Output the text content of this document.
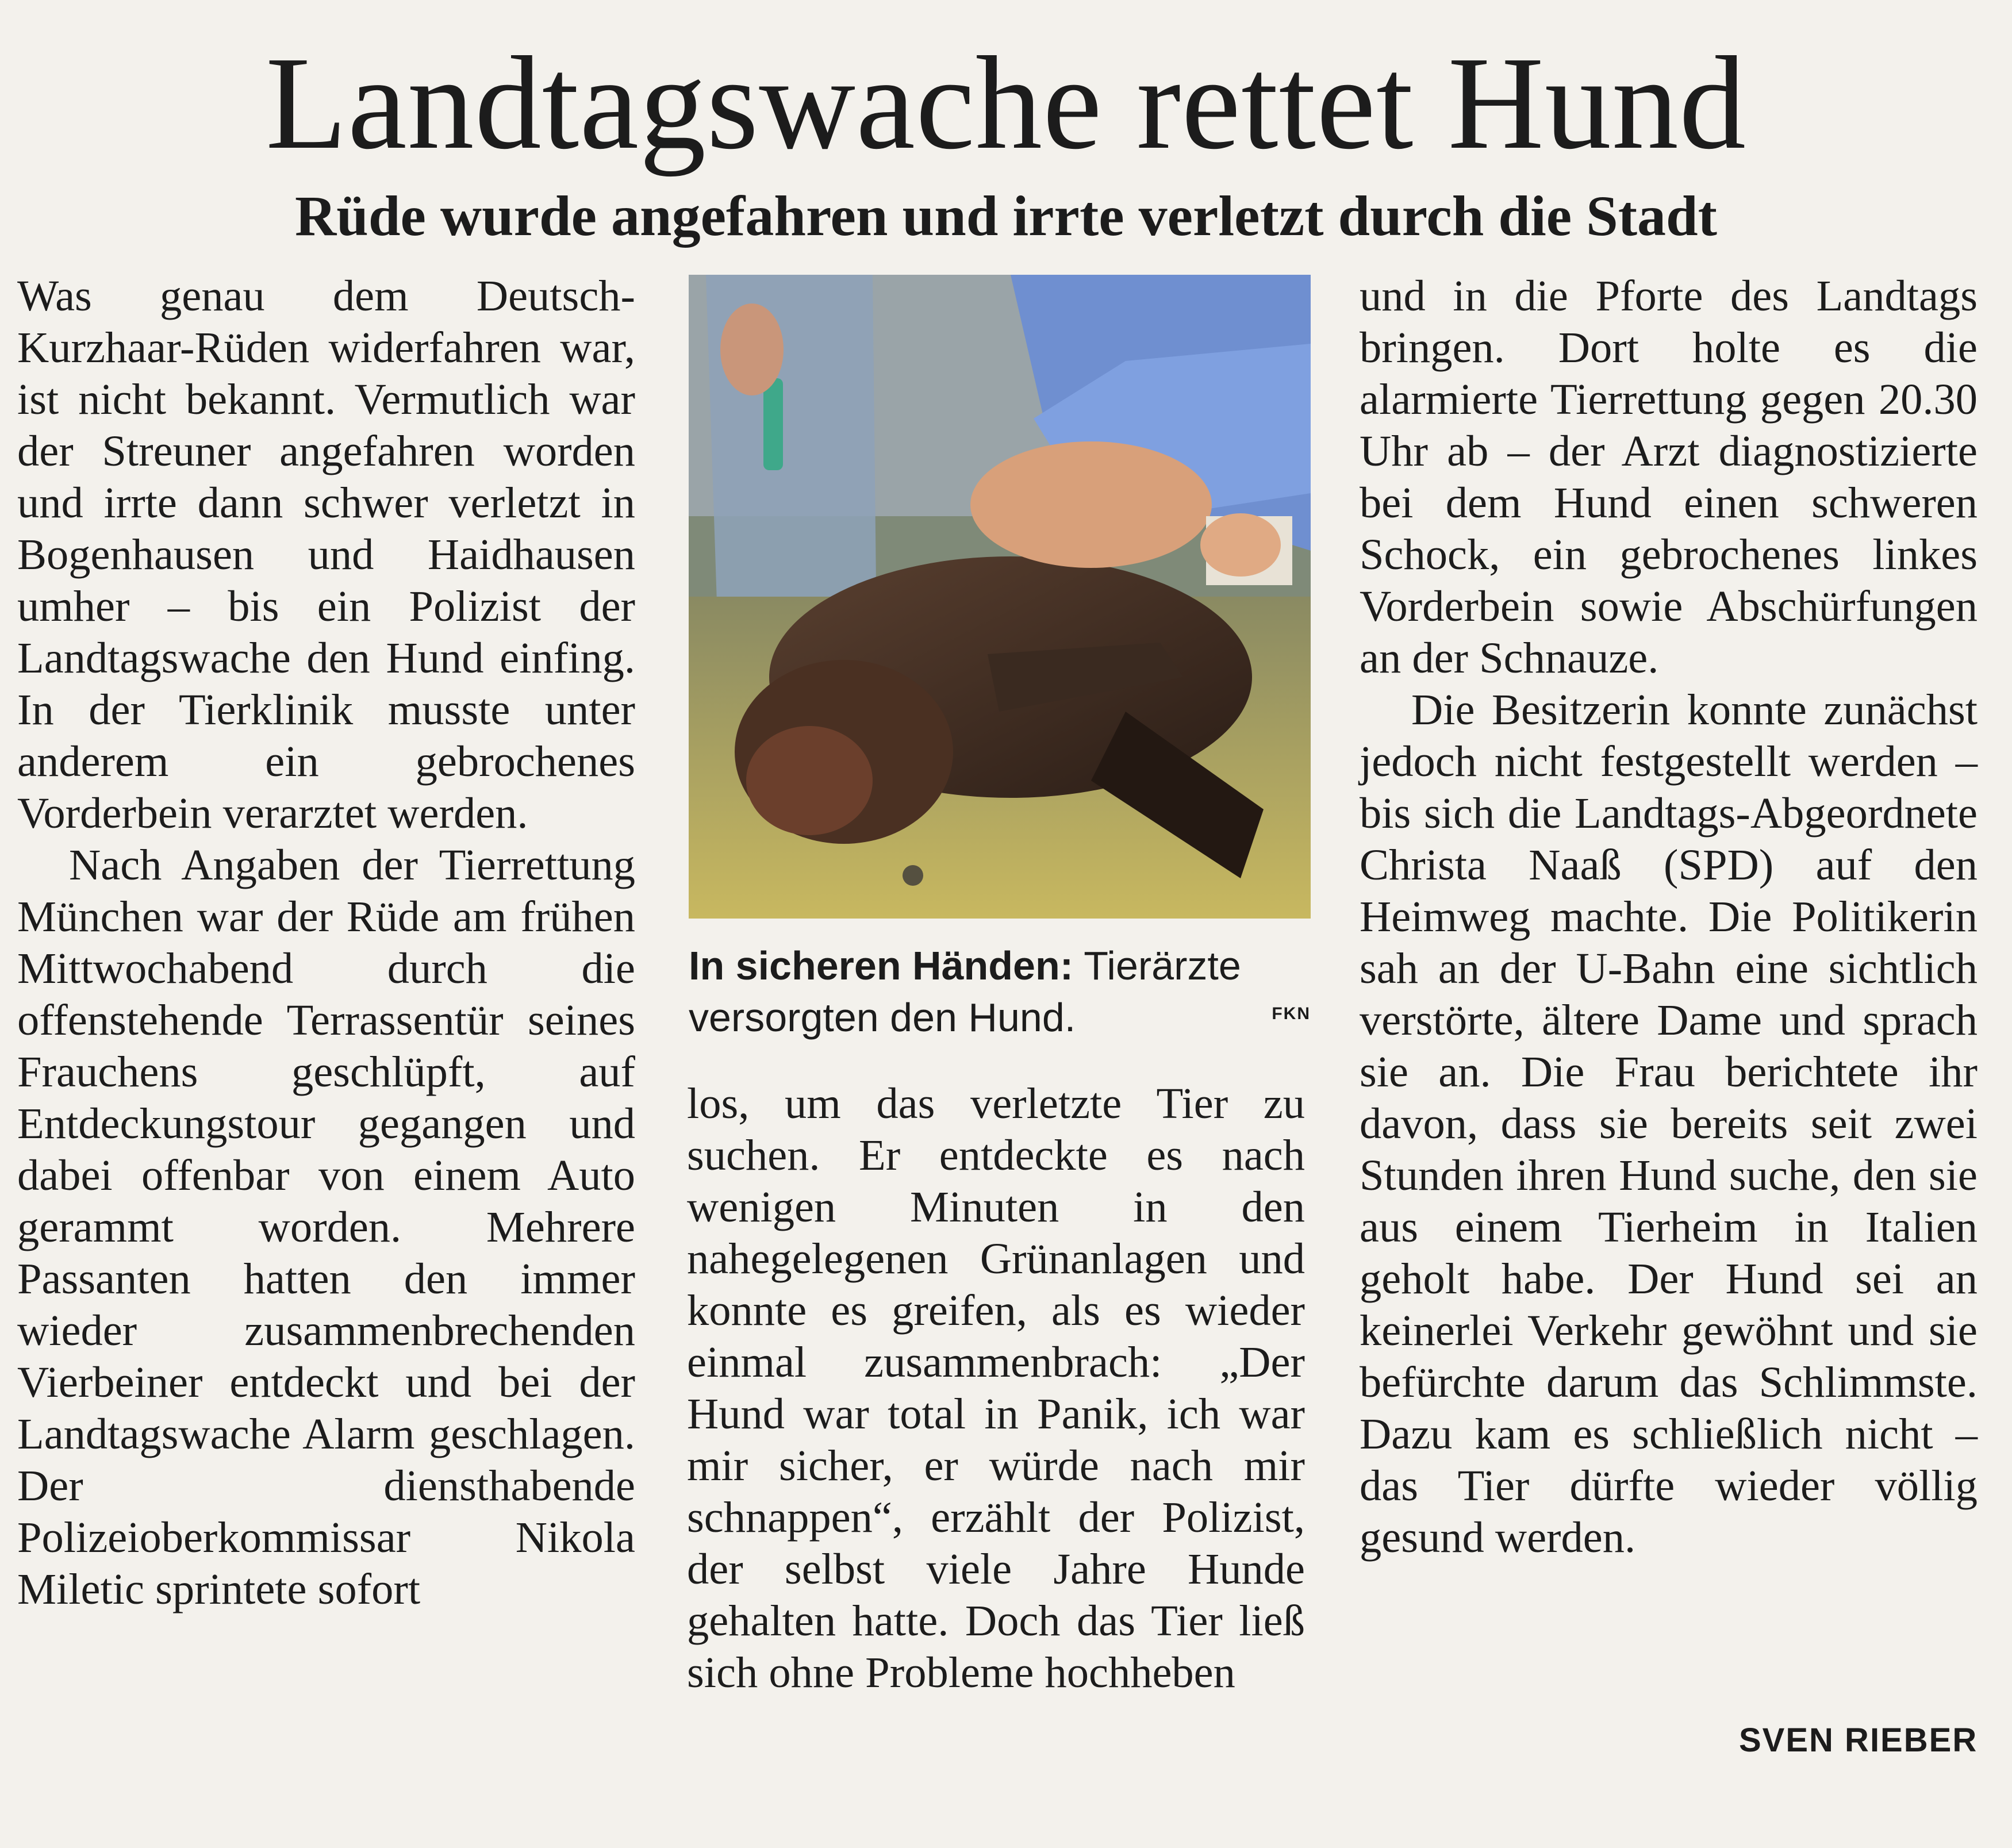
Landtagswache rettet Hund
Rüde wurde angefahren und irrte verletzt durch die Stadt

Was genau dem Deutsch-Kurzhaar-Rüden widerfahren war, ist nicht bekannt. Vermutlich war der Streuner angefahren worden und irrte dann schwer verletzt in Bogenhausen und Haidhausen umher – bis ein Polizist der Landtagswache den Hund einfing. In der Tierklinik musste unter anderem ein gebrochenes Vorderbein verarztet werden.

Nach Angaben der Tierrettung München war der Rüde am frühen Mittwochabend durch die offenstehende Terrassentür seines Frauchens geschlüpft, auf Entdeckungstour gegangen und dabei offenbar von einem Auto gerammt worden. Mehrere Passanten hatten den immer wieder zusammenbrechenden Vierbeiner entdeckt und bei der Landtagswache Alarm geschlagen. Der diensthabende Polizeioberkommissar Nikola Miletic sprintete sofort

In sicheren Händen: Tierärzte versorgten den Hund.	FKN

los, um das verletzte Tier zu suchen. Er entdeckte es nach wenigen Minuten in den nahegelegenen Grünanlagen und konnte es greifen, als es wieder einmal zusammenbrach: „Der Hund war total in Panik, ich war mir sicher, er würde nach mir schnappen“, erzählt der Polizist, der selbst viele Jahre Hunde gehalten hatte. Doch das Tier ließ sich ohne Probleme hochheben

und in die Pforte des Landtags bringen. Dort holte es die alarmierte Tierrettung gegen 20.30 Uhr ab – der Arzt diagnostizierte bei dem Hund einen schweren Schock, ein gebrochenes linkes Vorderbein sowie Abschürfungen an der Schnauze.

Die Besitzerin konnte zunächst jedoch nicht festgestellt werden – bis sich die Landtags-Abgeordnete Christa Naaß (SPD) auf den Heimweg machte. Die Politikerin sah an der U-Bahn eine sichtlich verstörte, ältere Dame und sprach sie an. Die Frau berichtete ihr davon, dass sie bereits seit zwei Stunden ihren Hund suche, den sie aus einem Tierheim in Italien geholt habe. Der Hund sei an keinerlei Verkehr gewöhnt und sie befürchte darum das Schlimmste. Dazu kam es schließlich nicht – das Tier dürfte wieder völlig gesund werden.

SVEN RIEBER
